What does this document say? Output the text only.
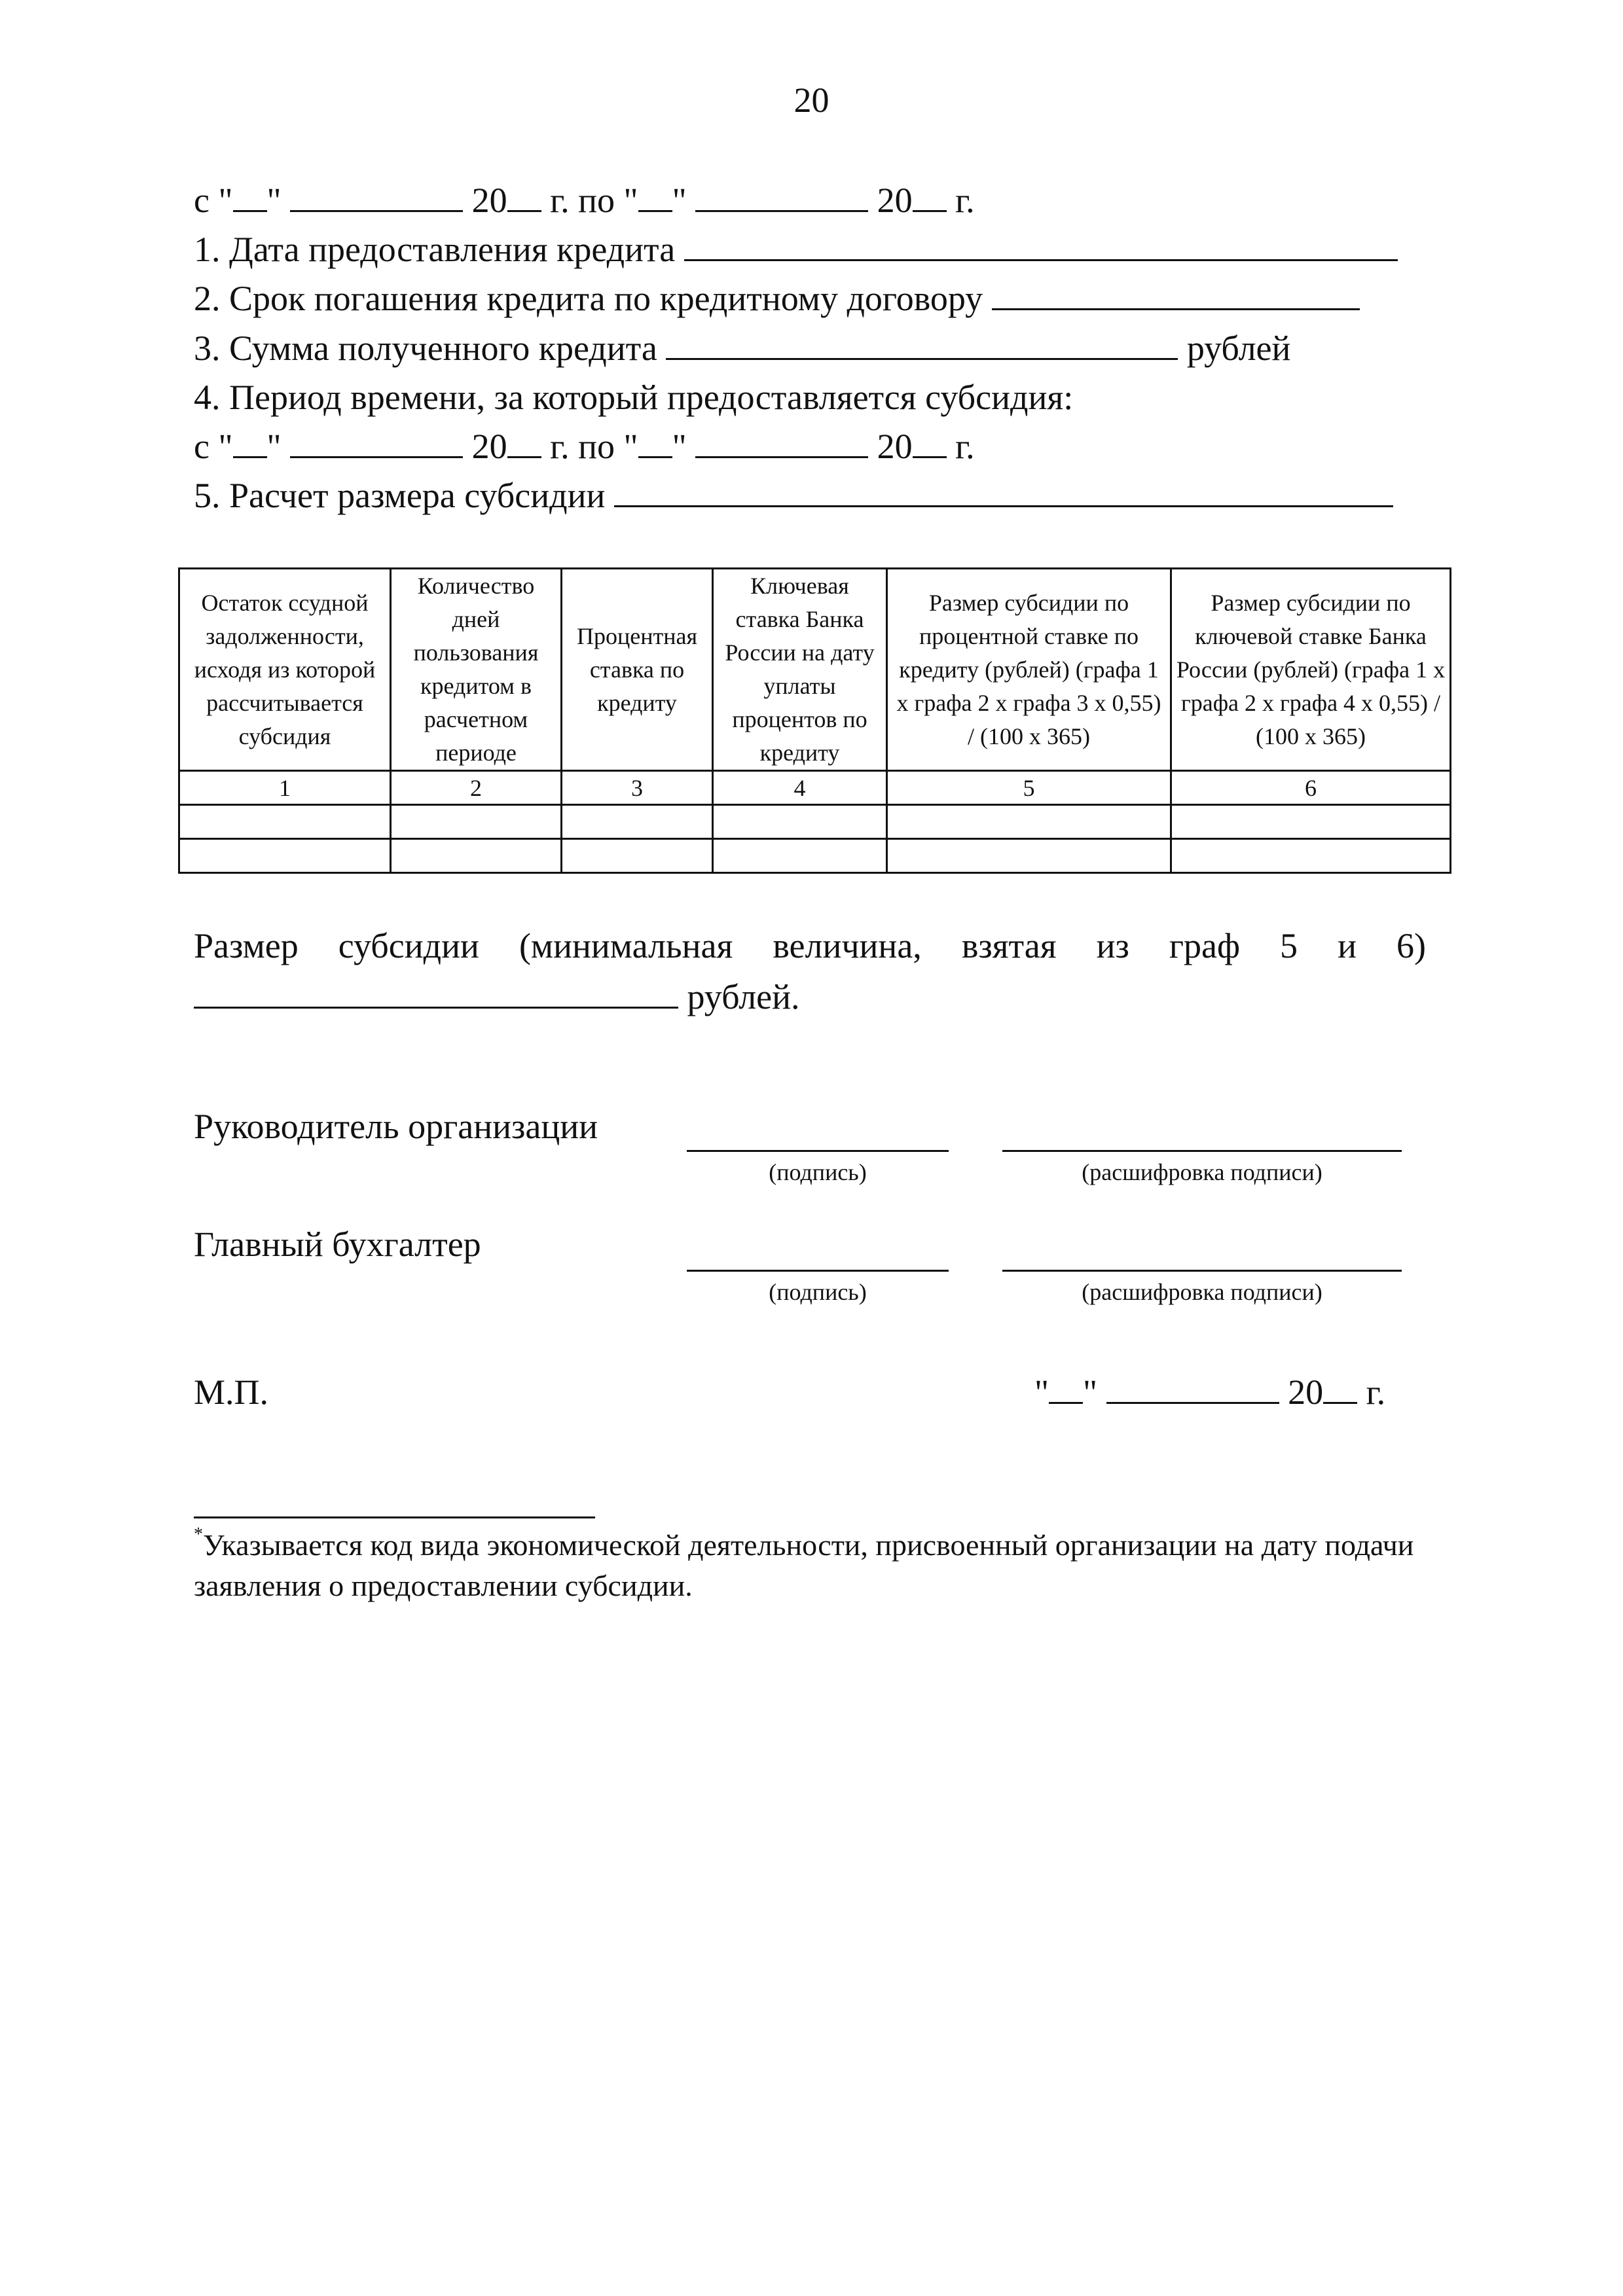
20
с " "	20 г. по " "	20 г.
1. Дата предоставления кредита
2. Срок погашения кредита по кредитному договору
3. Сумма полученного кредита	рублей
4. Период времени, за который предоставляется субсидия:
с " "	20 г. по " "	20 г.
5. Расчет размера субсидии
Остаток ссудной задолженности, исходя из которой рассчитывается субсидия	Количество дней пользования кредитом в расчетном периоде	Процентная ставка по кредиту	Ключевая ставка Банка России на дату уплаты процентов по кредиту	Размер субсидии по процентной ставке по кредиту (рублей) (графа 1 x графа 2 x графа 3 x 0,55) / (100 x 365)	Размер субсидии по ключевой ставке Банка России (рублей) (графа 1 x графа 2 x графа 4 x 0,55) / (100 x 365)
1	2	3	4	5	6

Размер субсидии (минимальная величина, взятая из граф 5 и 6)
рублей.
Руководитель организации
(подпись)	(расшифровка подписи)
Главный бухгалтер
(подпись)	(расшифровка подписи)
М.П.	" "	20 г.
*Указывается код вида экономической деятельности, присвоенный организации на дату подачи заявления о предоставлении субсидии.
